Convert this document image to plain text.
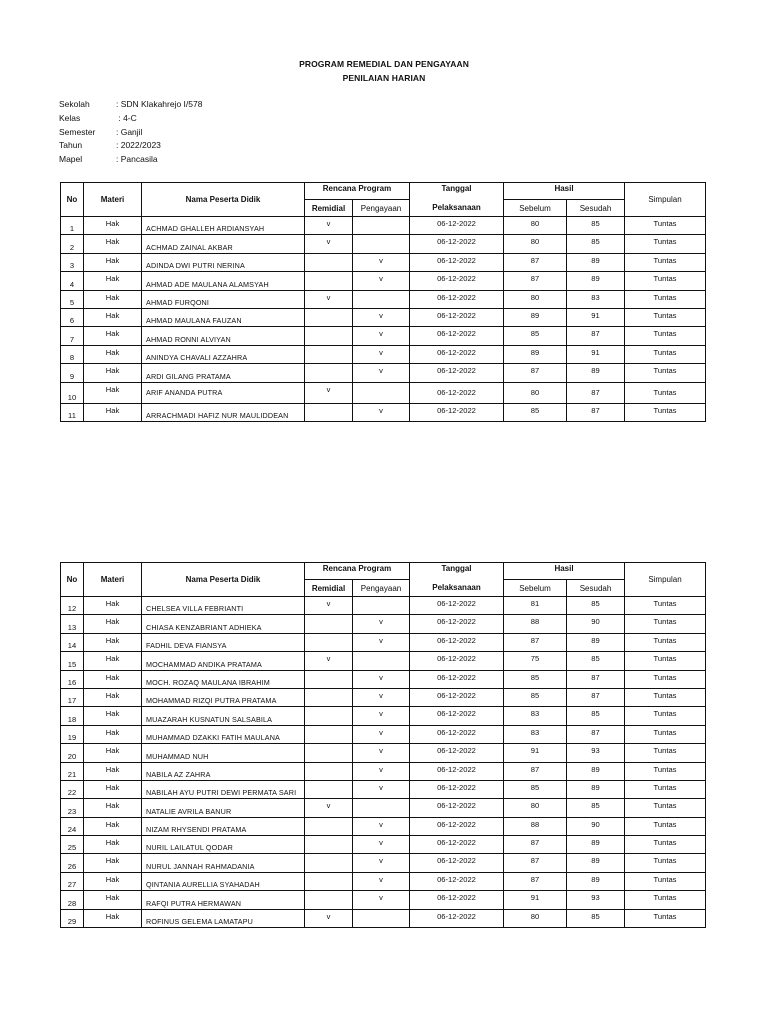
PROGRAM REMEDIAL DAN PENGAYAAN
PENILAIAN HARIAN
Sekolah	: SDN Klakahrejo I/578
Kelas	: 4-C
Semester	: Ganjil
Tahun	: 2022/2023
Mapel	: Pancasila
No	Materi	Nama Peserta Didik	Rencana Program		Tanggal	Hasil		Simpulan
			Remidial	Pengayaan	Pelaksanaan	Sebelum	Sesudah	
1	Hak	ACHMAD GHALLEH ARDIANSYAH	v		06-12-2022	80	85	Tuntas
2	Hak	ACHMAD ZAINAL AKBAR	v		06-12-2022	80	85	Tuntas
3	Hak	ADINDA DWI PUTRI NERINA		v	06-12-2022	87	89	Tuntas
4	Hak	AHMAD ADE MAULANA ALAMSYAH		v	06-12-2022	87	89	Tuntas
5	Hak	AHMAD FURQONI	v		06-12-2022	80	83	Tuntas
6	Hak	AHMAD MAULANA FAUZAN		v	06-12-2022	89	91	Tuntas
7	Hak	AHMAD RONNI ALVIYAN		v	06-12-2022	85	87	Tuntas
8	Hak	ANINDYA CHAVALI AZZAHRA		v	06-12-2022	89	91	Tuntas
9	Hak	ARDI GILANG PRATAMA		v	06-12-2022	87	89	Tuntas
10	Hak	ARIF ANANDA PUTRA	v		06-12-2022	80	87	Tuntas
11	Hak	ARRACHMADI HAFIZ NUR MAULIDDEAN		v	06-12-2022	85	87	Tuntas
No	Materi	Nama Peserta Didik	Rencana Program		Tanggal	Hasil		Simpulan
			Remidial	Pengayaan	Pelaksanaan	Sebelum	Sesudah	
12	Hak	CHELSEA VILLA FEBRIANTI	v		06-12-2022	81	85	Tuntas
13	Hak	CHIASA KENZABRIANT ADHIEKA		v	06-12-2022	88	90	Tuntas
14	Hak	FADHIL DEVA FIANSYA		v	06-12-2022	87	89	Tuntas
15	Hak	MOCHAMMAD ANDIKA PRATAMA	v		06-12-2022	75	85	Tuntas
16	Hak	MOCH. ROZAQ MAULANA IBRAHIM		v	06-12-2022	85	87	Tuntas
17	Hak	MOHAMMAD RIZQI PUTRA PRATAMA		v	06-12-2022	85	87	Tuntas
18	Hak	MUAZARAH KUSNATUN SALSABILA		v	06-12-2022	83	85	Tuntas
19	Hak	MUHAMMAD DZAKKI FATIH MAULANA		v	06-12-2022	83	87	Tuntas
20	Hak	MUHAMMAD NUH		v	06-12-2022	91	93	Tuntas
21	Hak	NABILA AZ ZAHRA		v	06-12-2022	87	89	Tuntas
22	Hak	NABILAH AYU PUTRI DEWI PERMATA SARI		v	06-12-2022	85	89	Tuntas
23	Hak	NATALIE AVRILA BANUR	v		06-12-2022	80	85	Tuntas
24	Hak	NIZAM RHYSENDI PRATAMA		v	06-12-2022	88	90	Tuntas
25	Hak	NURIL LAILATUL QODAR		v	06-12-2022	87	89	Tuntas
26	Hak	NURUL JANNAH RAHMADANIA		v	06-12-2022	87	89	Tuntas
27	Hak	QINTANIA AURELLIA SYAHADAH		v	06-12-2022	87	89	Tuntas
28	Hak	RAFQI PUTRA HERMAWAN		v	06-12-2022	91	93	Tuntas
29	Hak	ROFINUS GELEMA LAMATAPU	v		06-12-2022	80	85	Tuntas
